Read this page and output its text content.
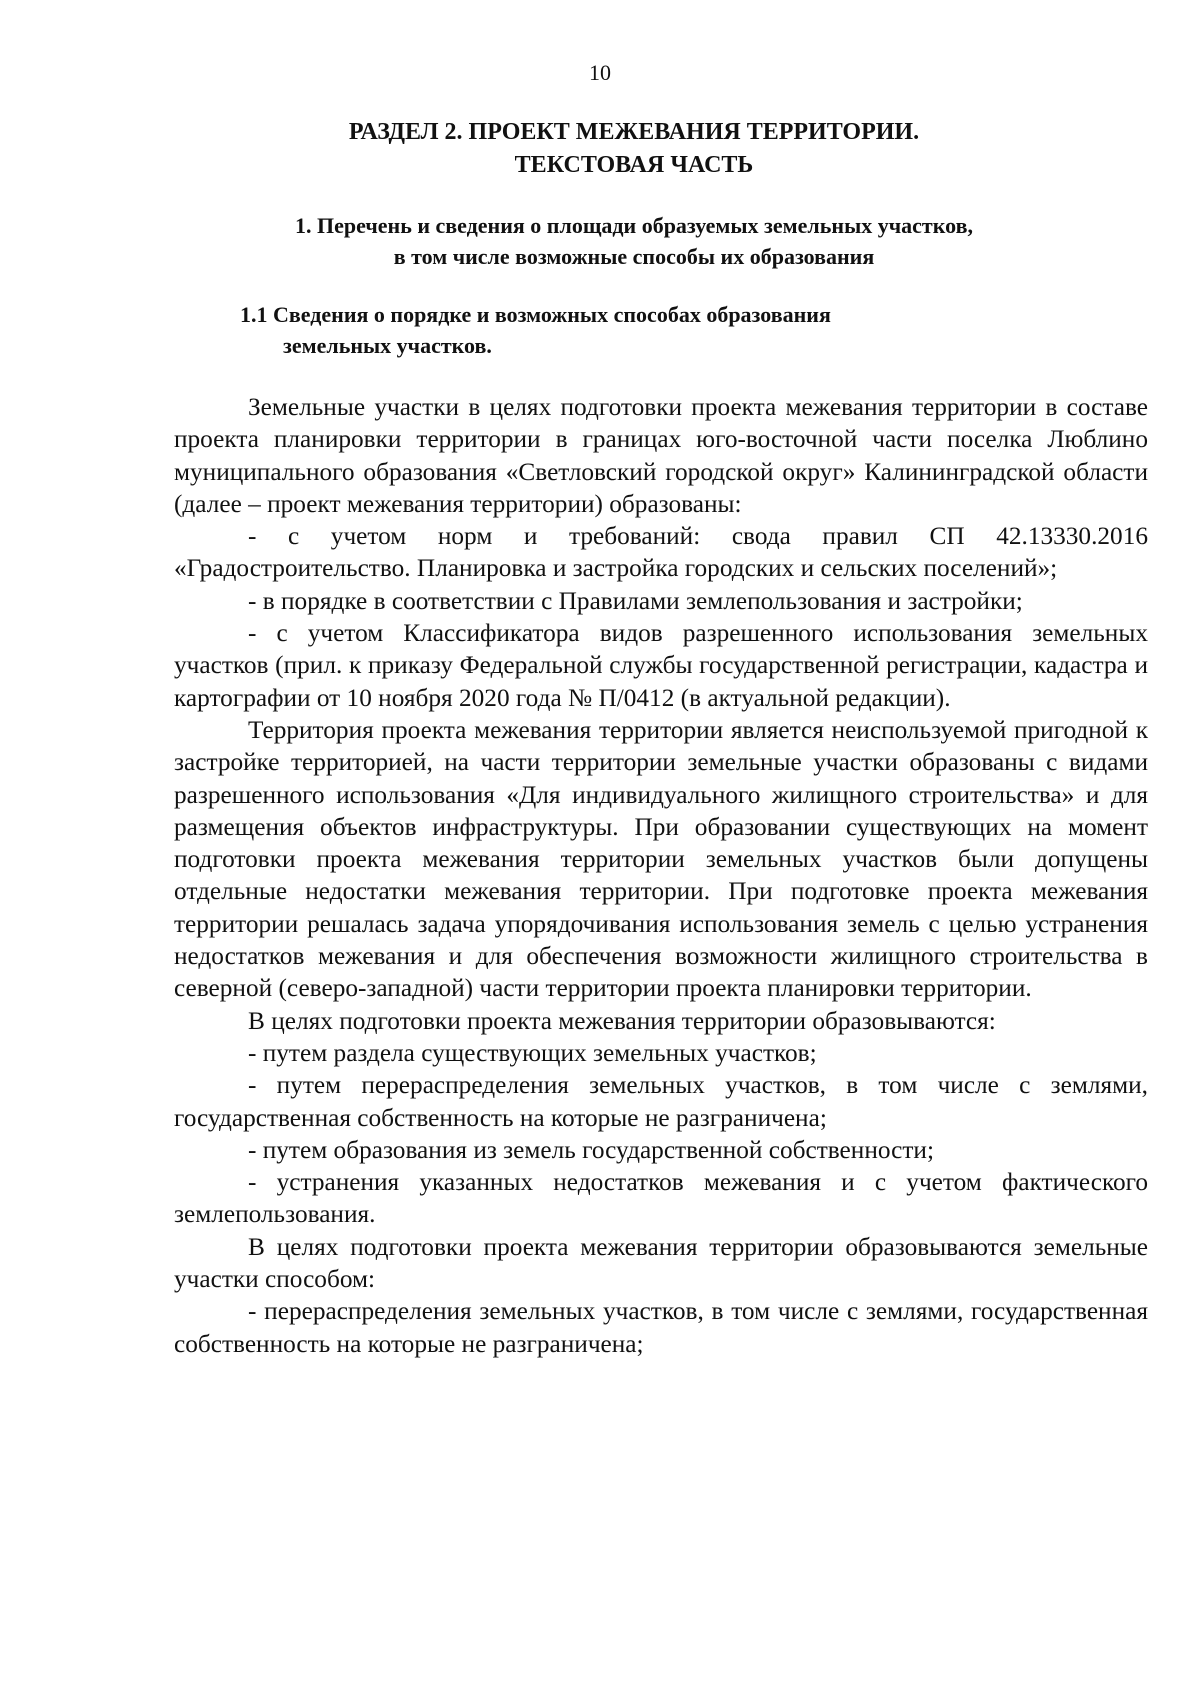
10
РАЗДЕЛ 2. ПРОЕКТ МЕЖЕВАНИЯ ТЕРРИТОРИИ.
ТЕКСТОВАЯ ЧАСТЬ
1. Перечень и сведения о площади образуемых земельных участков,
в том числе возможные способы их образования
1.1 Сведения о порядке и возможных способах образования
земельных участков.

Земельные участки в целях подготовки проекта межевания территории в составе проекта планировки территории в границах юго-восточной части поселка Люблино муниципального образования «Светловский городской округ» Калининградской области (далее – проект межевания территории) образованы:

- с учетом норм и требований: свода правил СП 42.13330.2016 «Градостроительство. Планировка и застройка городских и сельских поселений»;

- в порядке в соответствии с Правилами землепользования и застройки;

- с учетом Классификатора видов разрешенного использования земельных участков (прил. к приказу Федеральной службы государственной регистрации, кадастра и картографии от 10 ноября 2020 года № П/0412 (в актуальной редакции).

Территория проекта межевания территории является неиспользуемой пригодной к застройке территорией, на части территории земельные участки образованы с видами разрешенного использования «Для индивидуального жилищного строительства» и для размещения объектов инфраструктуры. При образовании существующих на момент подготовки проекта межевания территории земельных участков были допущены отдельные недостатки межевания территории. При подготовке проекта межевания территории решалась задача упорядочивания использования земель с целью устранения недостатков межевания и для обеспечения возможности жилищного строительства в северной (северо-западной) части территории проекта планировки территории.

В целях подготовки проекта межевания территории образовываются:

- путем раздела существующих земельных участков;

- путем перераспределения земельных участков, в том числе с землями, государственная собственность на которые не разграничена;

- путем образования из земель государственной собственности;

- устранения указанных недостатков межевания и с учетом фактического землепользования.

В целях подготовки проекта межевания территории образовываются земельные участки способом:

- перераспределения земельных участков, в том числе с землями, государственная собственность на которые не разграничена;
